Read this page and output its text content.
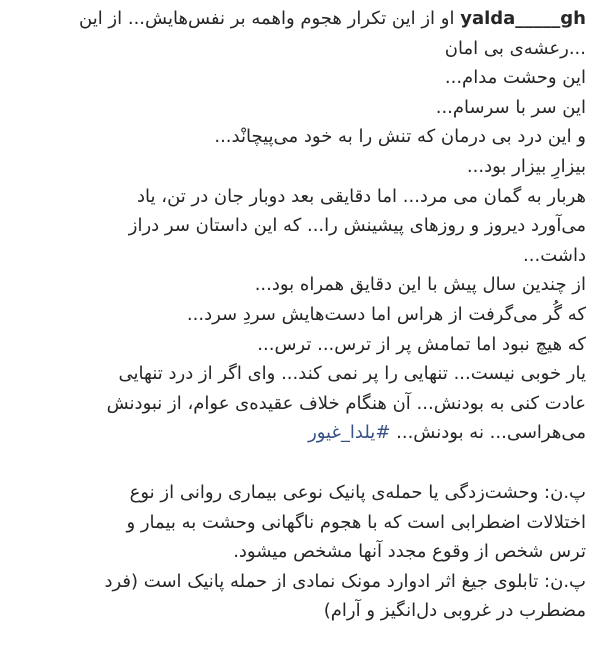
yalda_____gh او از این تکرار هجوم واهمه بر نفس‌هایش... از این
...رعشه‌ی بی امان
این وحشت مدام...
این سر با سرسام...
و این درد بی درمان که تنش را به خود می‌پیچانْد...
بیزارِ بیزار بود...
هربار به گمان می مرد... اما دقایقی بعد دوبار جان در تن، یاد
می‌آورد دیروز و روزهای پیشینش را... که این داستان سر دراز
داشت...
از چندین سال پیش با این دقایق همراه بود...
که گُر می‌گرفت از هراس اما دست‌هایش سردِ سرد...
که هیچ نبود اما تمامش پر از ترس... ترس...
یار خوبی نیست... تنهایی را پر نمی کند... وای اگر از درد تنهایی
عادت کنی به بودنش... آن هنگام خلاف عقیده‌ی عوام، از نبودنش
می‌هراسی... نه بودنش... #یلدا_غیور
پ.ن: وحشت‌زدگی یا حمله‌ی پانیک نوعی بیماری روانی از نوع
اختلالات اضطرابی است که با هجوم ناگهانی وحشت به بیمار و
ترس شخص از وقوع مجدد آنها مشخص میشود.
پ.ن: تابلوی جیغ اثر ادوارد مونک نمادی از حمله پانیک است (فرد
مضطرب در غروبی دل‌انگیز و آرام)
